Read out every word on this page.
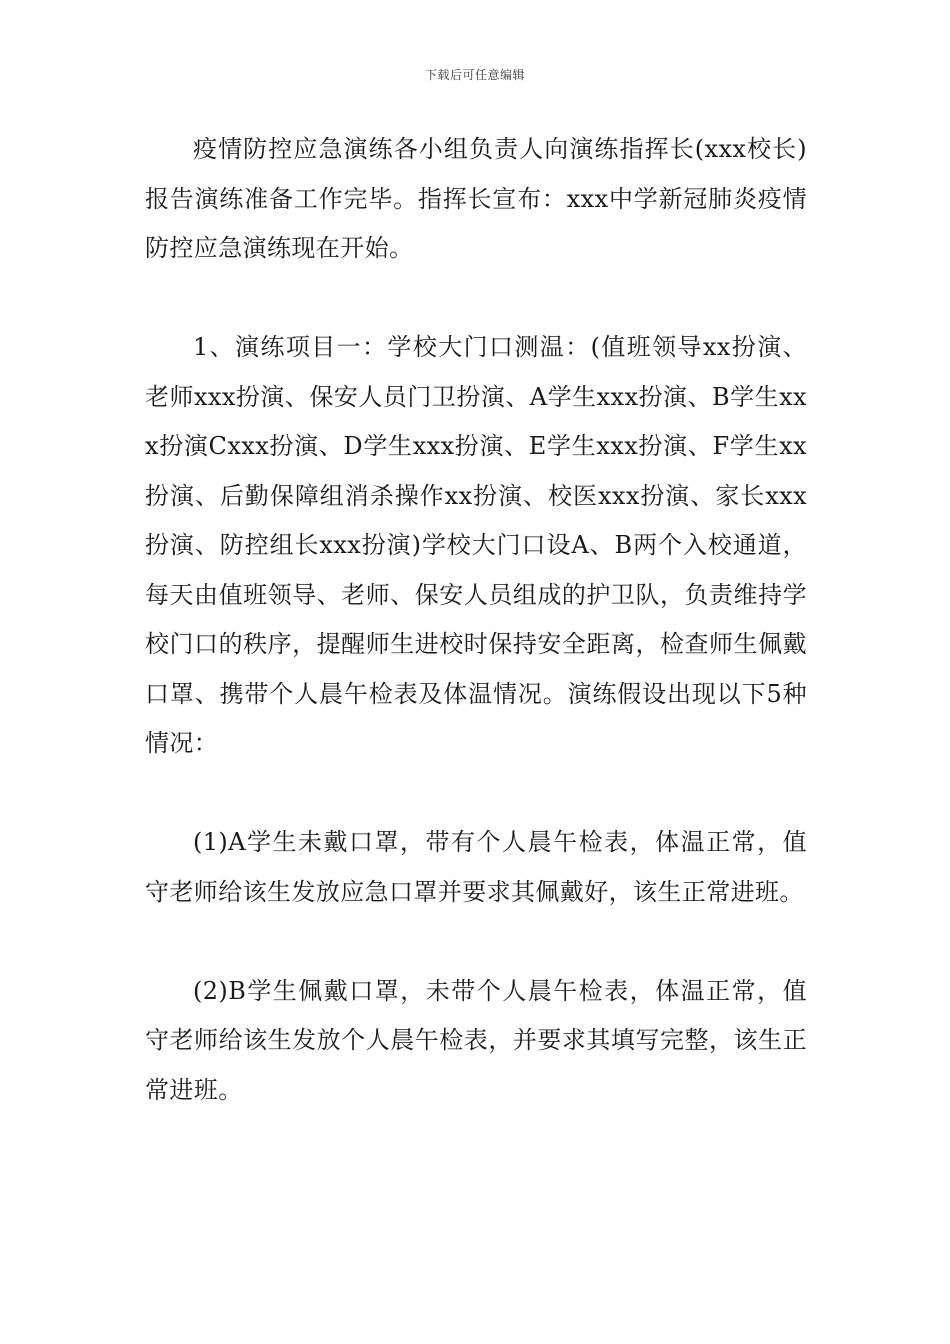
下载后可任意编辑

疫情防控应急演练各小组负责人向演练指挥长(xxx校长)报告演练准备工作完毕。指挥长宣布：xxx中学新冠肺炎疫情防控应急演练现在开始。

1、演练项目一：学校大门口测温：(值班领导xx扮演、老师xxx扮演、保安人员门卫扮演、A学生xxx扮演、B学生xxx扮演Cxxx扮演、D学生xxx扮演、E学生xxx扮演、F学生xx扮演、后勤保障组消杀操作xx扮演、校医xxx扮演、家长xxx扮演、防控组长xxx扮演)学校大门口设A、B两个入校通道，每天由值班领导、老师、保安人员组成的护卫队，负责维持学校门口的秩序，提醒师生进校时保持安全距离，检查师生佩戴口罩、携带个人晨午检表及体温情况。演练假设出现以下5种情况：

(1)A学生未戴口罩，带有个人晨午检表，体温正常，值守老师给该生发放应急口罩并要求其佩戴好，该生正常进班。

(2)B学生佩戴口罩，未带个人晨午检表，体温正常，值守老师给该生发放个人晨午检表，并要求其填写完整，该生正常进班。
